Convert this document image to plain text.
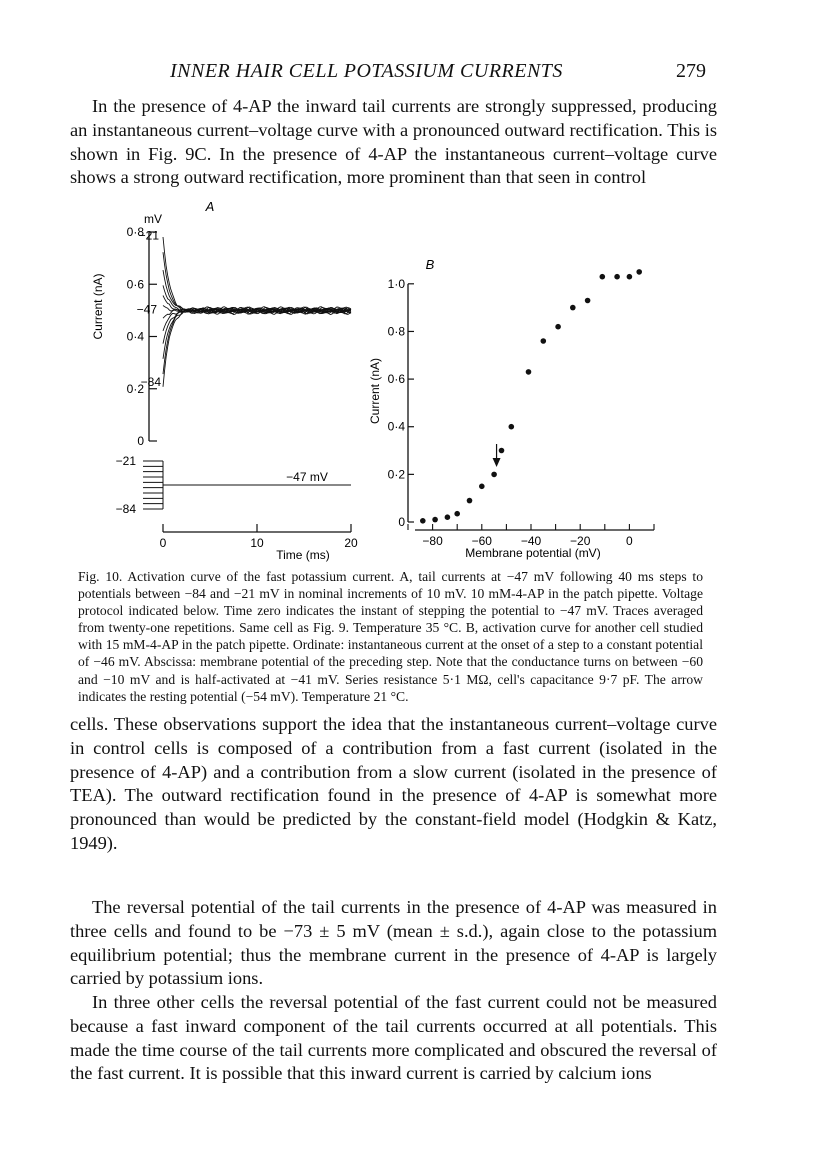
INNER HAIR CELL POTASSIUM CURRENTS	279

In the presence of 4-AP the inward tail currents are strongly suppressed, producing an instantaneous current–voltage curve with a pronounced outward rectification. This is shown in Fig. 9C. In the presence of 4-AP the instantaneous current–voltage curve shows a strong outward rectification, more prominent than that seen in control

A
mV
0
0·2
0·4
0·6
0·8
Current (nA)
−21
−47
−84
−21
−84
−47 mV
0	10	20
Time (ms)
B
0
0·2
0·4
0·6
0·8
1·0
Current (nA)
−80 −60 −40 −20	0
Membrane potential (mV)

Fig. 10. Activation curve of the fast potassium current. A, tail currents at −47 mV following 40 ms steps to potentials between −84 and −21 mV in nominal increments of 10 mV. 10 mM-4-AP in the patch pipette. Voltage protocol indicated below. Time zero indicates the instant of stepping the potential to −47 mV. Traces averaged from twenty-one repetitions. Same cell as Fig. 9. Temperature 35 °C. B, activation curve for another cell studied with 15 mM-4-AP in the patch pipette. Ordinate: instantaneous current at the onset of a step to a constant potential of −46 mV. Abscissa: membrane potential of the preceding step. Note that the conductance turns on between −60 and −10 mV and is half-activated at −41 mV. Series resistance 5·1 MΩ, cell's capacitance 9·7 pF. The arrow indicates the resting potential (−54 mV). Temperature 21 °C.

cells. These observations support the idea that the instantaneous current–voltage curve in control cells is composed of a contribution from a fast current (isolated in the presence of 4-AP) and a contribution from a slow current (isolated in the presence of TEA). The outward rectification found in the presence of 4-AP is somewhat more pronounced than would be predicted by the constant-field model (Hodgkin & Katz, 1949).

The reversal potential of the tail currents in the presence of 4-AP was measured in three cells and found to be −73 ± 5 mV (mean ± s.d.), again close to the potassium equilibrium potential; thus the membrane current in the presence of 4-AP is largely carried by potassium ions.

In three other cells the reversal potential of the fast current could not be measured because a fast inward component of the tail currents occurred at all potentials. This made the time course of the tail currents more complicated and obscured the reversal of the fast current. It is possible that this inward current is carried by calcium ions
